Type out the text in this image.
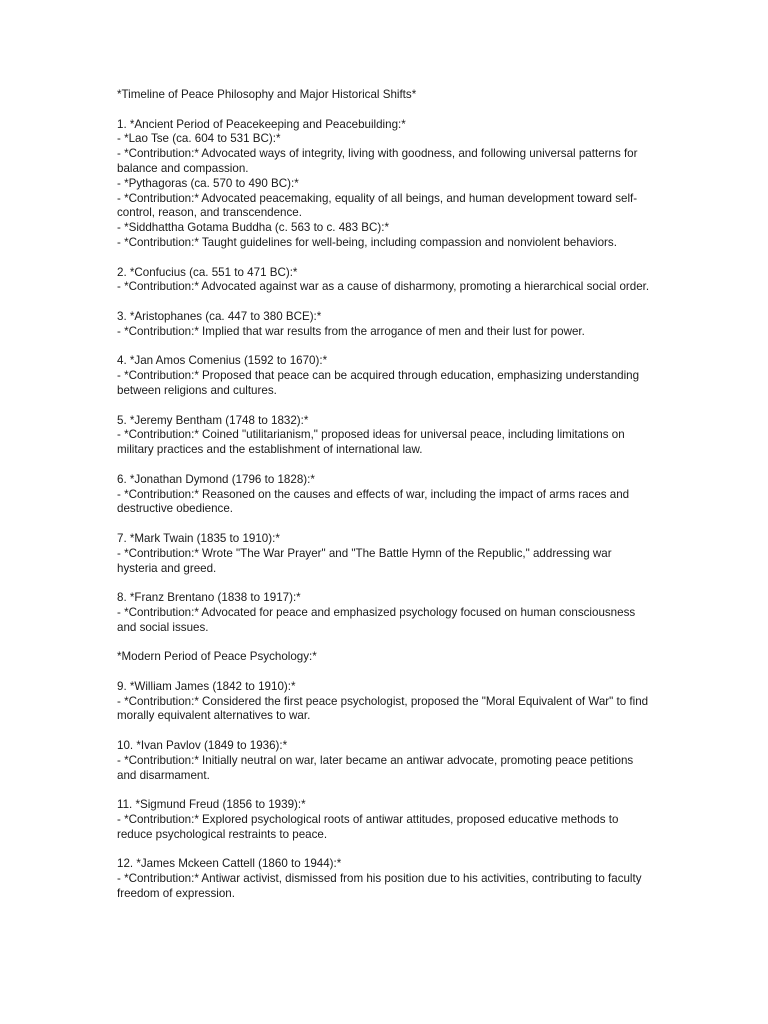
*Timeline of Peace Philosophy and Major Historical Shifts*
1. *Ancient Period of Peacekeeping and Peacebuilding:*
- *Lao Tse (ca. 604 to 531 BC):*
- *Contribution:* Advocated ways of integrity, living with goodness, and following universal patterns for balance and compassion.
- *Pythagoras (ca. 570 to 490 BC):*
- *Contribution:* Advocated peacemaking, equality of all beings, and human development toward self-control, reason, and transcendence.
- *Siddhattha Gotama Buddha (c. 563 to c. 483 BC):*
- *Contribution:* Taught guidelines for well-being, including compassion and nonviolent behaviors.
2. *Confucius (ca. 551 to 471 BC):*
- *Contribution:* Advocated against war as a cause of disharmony, promoting a hierarchical social order.
3. *Aristophanes (ca. 447 to 380 BCE):*
- *Contribution:* Implied that war results from the arrogance of men and their lust for power.
4. *Jan Amos Comenius (1592 to 1670):*
- *Contribution:* Proposed that peace can be acquired through education, emphasizing understanding between religions and cultures.
5. *Jeremy Bentham (1748 to 1832):*
- *Contribution:* Coined "utilitarianism," proposed ideas for universal peace, including limitations on military practices and the establishment of international law.
6. *Jonathan Dymond (1796 to 1828):*
- *Contribution:* Reasoned on the causes and effects of war, including the impact of arms races and destructive obedience.
7. *Mark Twain (1835 to 1910):*
- *Contribution:* Wrote "The War Prayer" and "The Battle Hymn of the Republic," addressing war hysteria and greed.
8. *Franz Brentano (1838 to 1917):*
- *Contribution:* Advocated for peace and emphasized psychology focused on human consciousness and social issues.
*Modern Period of Peace Psychology:*
9. *William James (1842 to 1910):*
- *Contribution:* Considered the first peace psychologist, proposed the "Moral Equivalent of War" to find morally equivalent alternatives to war.
10. *Ivan Pavlov (1849 to 1936):*
- *Contribution:* Initially neutral on war, later became an antiwar advocate, promoting peace petitions and disarmament.
11. *Sigmund Freud (1856 to 1939):*
- *Contribution:* Explored psychological roots of antiwar attitudes, proposed educative methods to reduce psychological restraints to peace.
12. *James Mckeen Cattell (1860 to 1944):*
- *Contribution:* Antiwar activist, dismissed from his position due to his activities, contributing to faculty freedom of expression.
